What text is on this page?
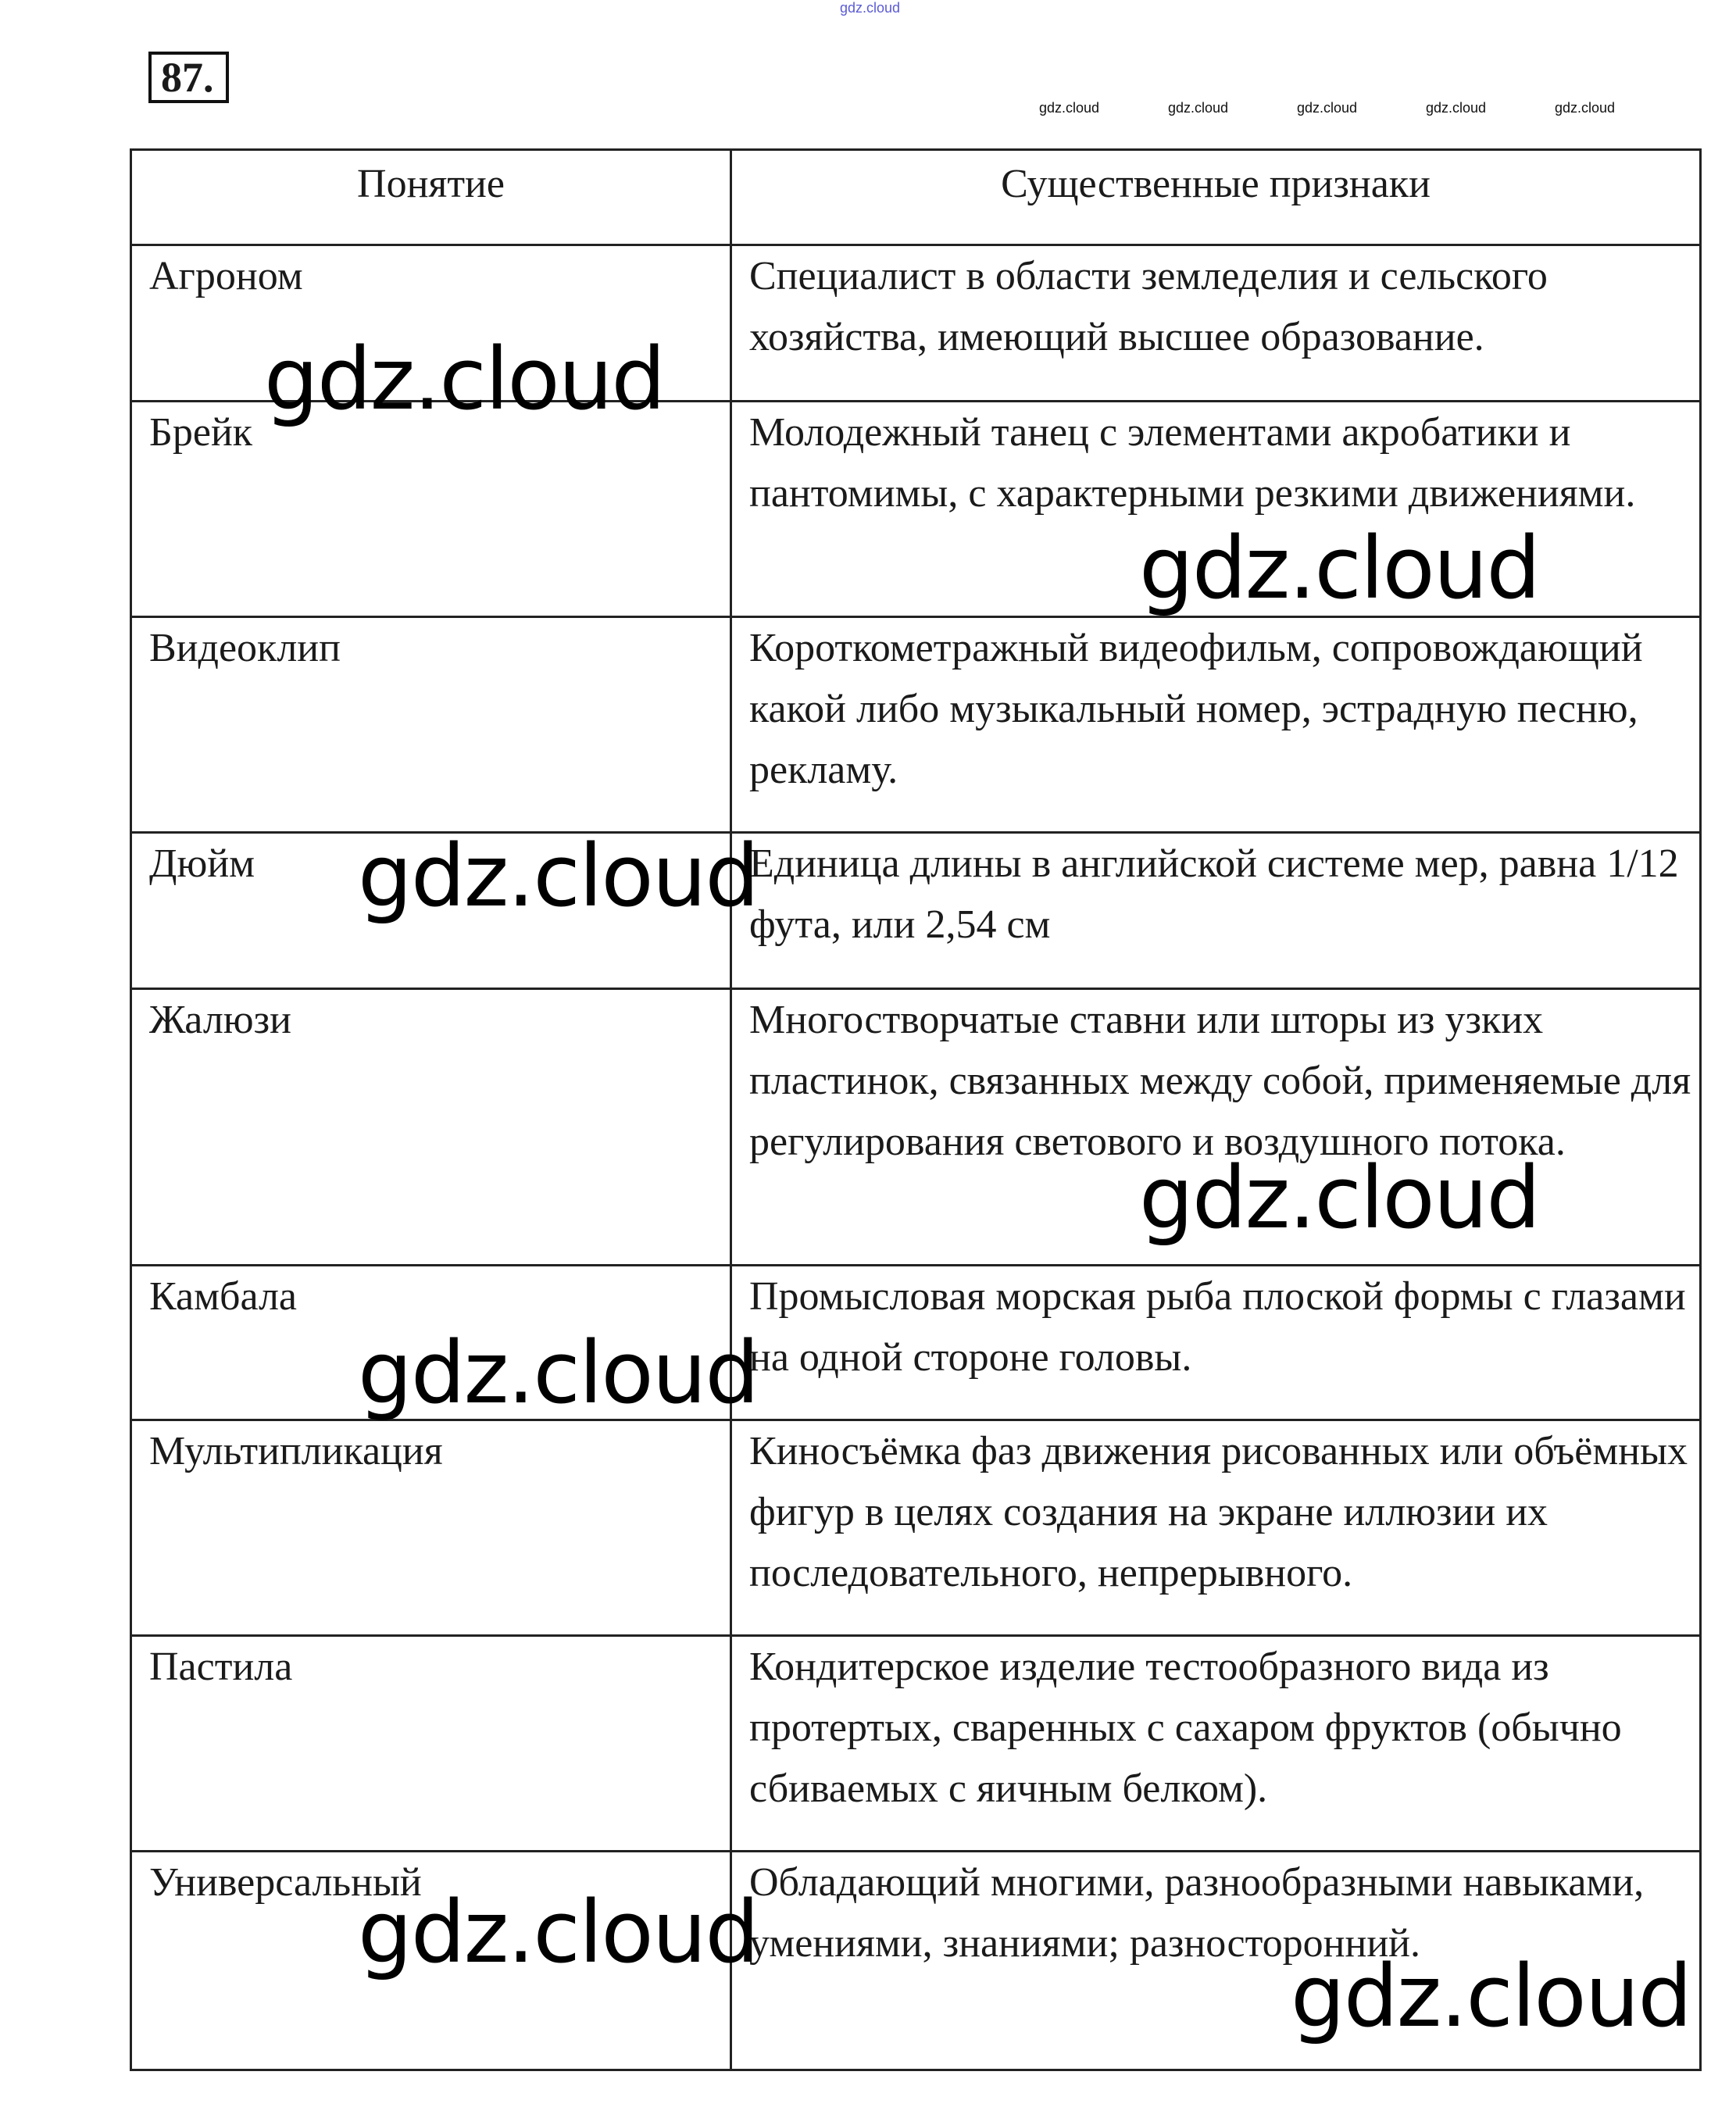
gdz.cloud
87.
gdz.cloud	gdz.cloud	gdz.cloud	gdz.cloud	gdz.cloud
Понятие	Существенные признаки
Агроном	Специалист в области земледелия и сельского хозяйства, имеющий высшее образование.
Брейк	Молодежный танец с элементами акробатики и пантомимы, с характерными резкими движениями.
Видеоклип	Короткометражный видеофильм, сопровождающий какой либо музыкальный номер, эстрадную песню, рекламу.
Дюйм	Единица длины в английской системе мер, равна 1/12 фута, или 2,54 см
Жалюзи	Многостворчатые ставни или шторы из узких пластинок, связанных между собой, применяемые для регулирования светового и воздушного потока.
Камбала	Промысловая морская рыба плоской формы с глазами на одной стороне головы.
Мультипликация	Киносъёмка фаз движения рисованных или объёмных фигур в целях создания на экране иллюзии их последовательного, непрерывного.
Пастила	Кондитерское изделие тестообразного вида из протертых, сваренных с сахаром фруктов (обычно сбиваемых с яичным белком).
Универсальный	Обладающий многими, разнообразными навыками, умениями, знаниями; разносторонний.
gdz.cloud
gdz.cloud
gdz.cloud
gdz.cloud
gdz.cloud
gdz.cloud
gdz.cloud
